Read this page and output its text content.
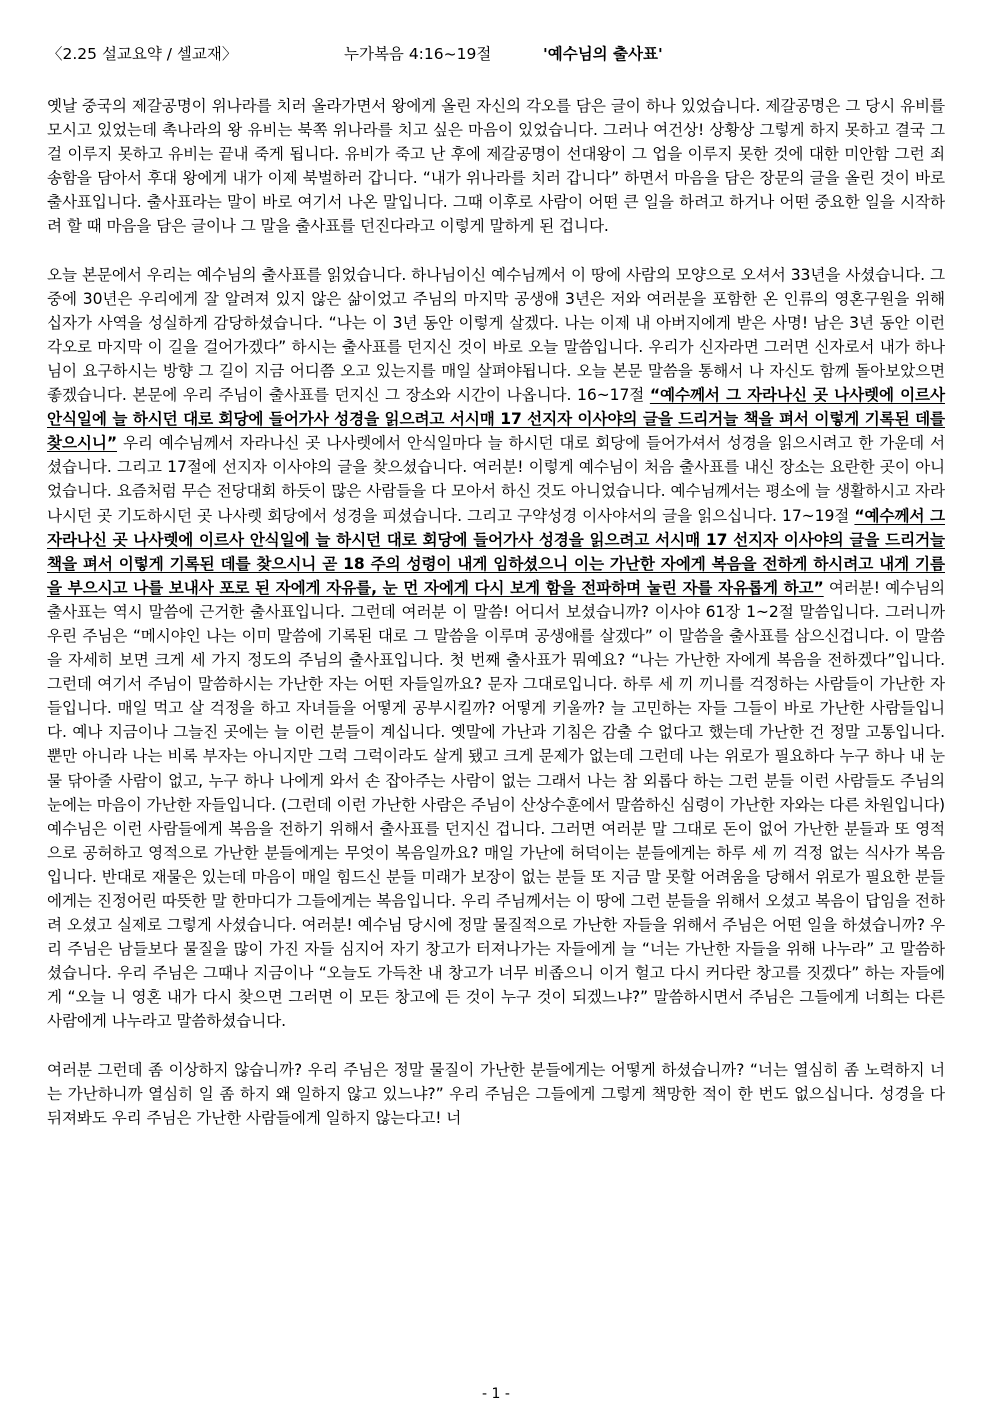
〈2.25 설교요약 / 셀교재〉	누가복음 4:16~19절	'예수님의 출사표'

옛날 중국의 제갈공명이 위나라를 치러 올라가면서 왕에게 올린 자신의 각오를 담은 글이 하나 있었습니다. 제갈공명은 그 당시 유비를 모시고 있었는데 촉나라의 왕 유비는 북쪽 위나라를 치고 싶은 마음이 있었습니다. 그러나 여건상! 상황상 그렇게 하지 못하고 결국 그걸 이루지 못하고 유비는 끝내 죽게 됩니다. 유비가 죽고 난 후에 제갈공명이 선대왕이 그 업을 이루지 못한 것에 대한 미안함 그런 죄송함을 담아서 후대 왕에게 내가 이제 북벌하러 갑니다. “내가 위나라를 치러 갑니다” 하면서 마음을 담은 장문의 글을 올린 것이 바로 출사표입니다. 출사표라는 말이 바로 여기서 나온 말입니다. 그때 이후로 사람이 어떤 큰 일을 하려고 하거나 어떤 중요한 일을 시작하려 할 때 마음을 담은 글이나 그 말을 출사표를 던진다라고 이렇게 말하게 된 겁니다.

오늘 본문에서 우리는 예수님의 출사표를 읽었습니다. 하나님이신 예수님께서 이 땅에 사람의 모양으로 오셔서 33년을 사셨습니다. 그중에 30년은 우리에게 잘 알려져 있지 않은 삶이었고 주님의 마지막 공생애 3년은 저와 여러분을 포함한 온 인류의 영혼구원을 위해 십자가 사역을 성실하게 감당하셨습니다. “나는 이 3년 동안 이렇게 살겠다. 나는 이제 내 아버지에게 받은 사명! 남은 3년 동안 이런 각오로 마지막 이 길을 걸어가겠다” 하시는 출사표를 던지신 것이 바로 오늘 말씀입니다. 우리가 신자라면 그러면 신자로서 내가 하나님이 요구하시는 방향 그 길이 지금 어디쯤 오고 있는지를 매일 살펴야됩니다. 오늘 본문 말씀을 통해서 나 자신도 함께 돌아보았으면 좋겠습니다. 본문에 우리 주님이 출사표를 던지신 그 장소와 시간이 나옵니다. 16~17절 “예수께서 그 자라나신 곳 나사렛에 이르사 안식일에 늘 하시던 대로 회당에 들어가사 성경을 읽으려고 서시매 17 선지자 이사야의 글을 드리거늘 책을 펴서 이렇게 기록된 데를 찾으시니” 우리 예수님께서 자라나신 곳 나사렛에서 안식일마다 늘 하시던 대로 회당에 들어가셔서 성경을 읽으시려고 한 가운데 서 셨습니다. 그리고 17절에 선지자 이사야의 글을 찾으셨습니다. 여러분! 이렇게 예수님이 처음 출사표를 내신 장소는 요란한 곳이 아니었습니다. 요즘처럼 무슨 전당대회 하듯이 많은 사람들을 다 모아서 하신 것도 아니었습니다. 예수님께서는 평소에 늘 생활하시고 자라나시던 곳 기도하시던 곳 나사렛 회당에서 성경을 피셨습니다. 그리고 구약성경 이사야서의 글을 읽으십니다. 17~19절 “예수께서 그 자라나신 곳 나사렛에 이르사 안식일에 늘 하시던 대로 회당에 들어가사 성경을 읽으려고 서시매 17 선지자 이사야의 글을 드리거늘 책을 펴서 이렇게 기록된 데를 찾으시니 곧 18 주의 성령이 내게 임하셨으니 이는 가난한 자에게 복음을 전하게 하시려고 내게 기름을 부으시고 나를 보내사 포로 된 자에게 자유를, 눈 먼 자에게 다시 보게 함을 전파하며 눌린 자를 자유롭게 하고” 여러분! 예수님의 출사표는 역시 말씀에 근거한 출사표입니다. 그런데 여러분 이 말씀! 어디서 보셨습니까? 이사야 61장 1~2절 말씀입니다. 그러니까 우린 주님은 “메시야인 나는 이미 말씀에 기록된 대로 그 말씀을 이루며 공생애를 살겠다” 이 말씀을 출사표를 삼으신겁니다. 이 말씀을 자세히 보면 크게 세 가지 정도의 주님의 출사표입니다. 첫 번째 출사표가 뭐예요? “나는 가난한 자에게 복음을 전하겠다”입니다. 그런데 여기서 주님이 말씀하시는 가난한 자는 어떤 자들일까요? 문자 그대로입니다. 하루 세 끼 끼니를 걱정하는 사람들이 가난한 자들입니다. 매일 먹고 살 걱정을 하고 자녀들을 어떻게 공부시킬까? 어떻게 키울까? 늘 고민하는 자들 그들이 바로 가난한 사람들입니다. 예나 지금이나 그늘진 곳에는 늘 이런 분들이 계십니다. 옛말에 가난과 기침은 감출 수 없다고 했는데 가난한 건 정말 고통입니다. 뿐만 아니라 나는 비록 부자는 아니지만 그럭 그럭이라도 살게 됐고 크게 문제가 없는데 그런데 나는 위로가 필요하다 누구 하나 내 눈물 닦아줄 사람이 없고, 누구 하나 나에게 와서 손 잡아주는 사람이 없는 그래서 나는 참 외롭다 하는 그런 분들 이런 사람들도 주님의 눈에는 마음이 가난한 자들입니다. (그런데 이런 가난한 사람은 주님이 산상수훈에서 말씀하신 심령이 가난한 자와는 다른 차원입니다) 예수님은 이런 사람들에게 복음을 전하기 위해서 출사표를 던지신 겁니다. 그러면 여러분 말 그대로 돈이 없어 가난한 분들과 또 영적으로 공허하고 영적으로 가난한 분들에게는 무엇이 복음일까요? 매일 가난에 허덕이는 분들에게는 하루 세 끼 걱정 없는 식사가 복음입니다. 반대로 재물은 있는데 마음이 매일 힘드신 분들 미래가 보장이 없는 분들 또 지금 말 못할 어려움을 당해서 위로가 필요한 분들에게는 진정어린 따뜻한 말 한마디가 그들에게는 복음입니다. 우리 주님께서는 이 땅에 그런 분들을 위해서 오셨고 복음이 답임을 전하려 오셨고 실제로 그렇게 사셨습니다. 여러분! 예수님 당시에 정말 물질적으로 가난한 자들을 위해서 주님은 어떤 일을 하셨습니까? 우리 주님은 남들보다 물질을 많이 가진 자들 심지어 자기 창고가 터져나가는 자들에게 늘 “너는 가난한 자들을 위해 나누라” 고 말씀하셨습니다. 우리 주님은 그때나 지금이나 “오늘도 가득찬 내 창고가 너무 비좁으니 이거 헐고 다시 커다란 창고를 짓겠다” 하는 자들에게 “오늘 니 영혼 내가 다시 찾으면 그러면 이 모든 창고에 든 것이 누구 것이 되겠느냐?” 말씀하시면서 주님은 그들에게 너희는 다른 사람에게 나누라고 말씀하셨습니다.

여러분 그런데 좀 이상하지 않습니까? 우리 주님은 정말 물질이 가난한 분들에게는 어떻게 하셨습니까? “너는 열심히 좀 노력하지 너는 가난하니까 열심히 일 좀 하지 왜 일하지 않고 있느냐?” 우리 주님은 그들에게 그렇게 책망한 적이 한 번도 없으십니다. 성경을 다 뒤져봐도 우리 주님은 가난한 사람들에게 일하지 않는다고! 너

- 1 -
